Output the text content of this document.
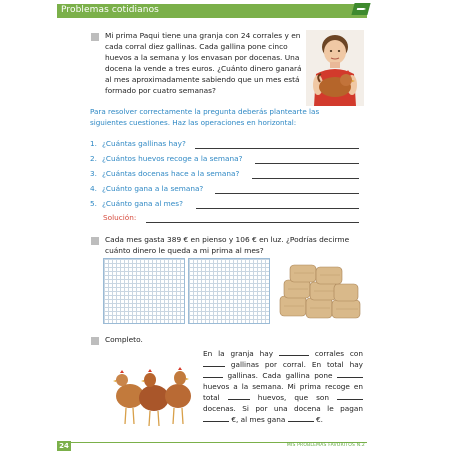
Problemas cotidianos
Mi prima Paqui tiene una granja con 24 corrales y en
cada corral diez gallinas. Cada gallina pone cinco
huevos a la semana y los envasan por docenas. Una
docena la vende a tres euros. ¿Cuánto dinero ganará
al mes aproximadamente sabiendo que un mes está
formado por cuatro semanas?
Para resolver correctamente la pregunta deberás plantearte las
siguientes cuestiones. Haz las operaciones en horizontal:
1. ¿Cuántas gallinas hay?
2. ¿Cuántos huevos recoge a la semana?
3. ¿Cuántas docenas hace a la semana?
4. ¿Cuánto gana a la semana?
5. ¿Cuánto gana al mes?
Solución:
Cada mes gasta 389 € en pienso y 106 € en luz. ¿Podrías decirme
cuánto dinero le queda a mi prima al mes?
Completo.
En la granja hay	corrales con  gallinas por corral. En total hay  gallinas. Cada gallina pone  huevos a la semana. Mi prima recoge en total	huevos, que son  docenas. Si por una docena le pagan  €, al mes gana	€.
24	MIS PROBLEMAS FAVORITOS N.2
